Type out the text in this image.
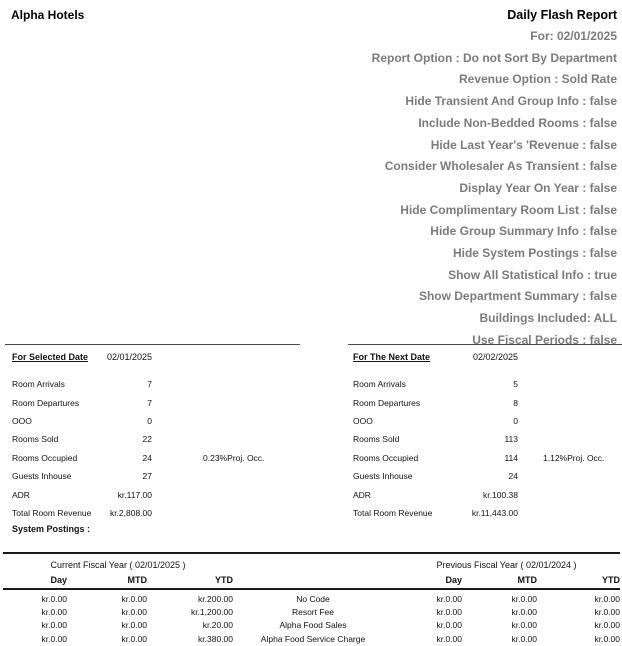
Alpha Hotels	Daily Flash Report
For: 02/01/2025
Report Option : Do not Sort By Department
Revenue Option : Sold Rate
Hide Transient And Group Info : false
Include Non-Bedded Rooms : false
Hide Last Year's 'Revenue : false
Consider Wholesaler As Transient : false
Display Year On Year : false
Hide Complimentary Room List : false
Hide Group Summary Info : false
Hide System Postings : false
Show All Statistical Info : true
Show Department Summary : false
Buildings Included: ALL
Use Fiscal Periods : false
For Selected Date 02/01/2025
Room Arrivals	7
Room Departures	7
OOO	0
Rooms Sold	22
Rooms Occupied	24	0.23%Proj. Occ.
Guests Inhouse	27
ADR	kr.117.00
Total Room Revenue	kr.2,808.00
For The Next Date	02/02/2025
Room Arrivals	5
Room Departures	8
OOO	0
Rooms Sold	113
Rooms Occupied	114	1.12%Proj. Occ.
Guests Inhouse	24
ADR	kr.100.38
Total Room Revenue	kr.11,443.00
System Postings :
Current Fiscal Year ( 02/01/2025 )	Previous Fiscal Year ( 02/01/2024 )
Day	MTD	YTD	Day	MTD	YTD
kr.0.00	kr.0.00	kr.200.00	No Code	kr.0.00	kr.0.00	kr.0.00
kr.0.00	kr.0.00	kr.1,200.00	Resort Fee	kr.0.00	kr.0.00	kr.0.00
kr.0.00	kr.0.00	kr.20.00	Alpha Food Sales	kr.0.00	kr.0.00	kr.0.00
kr.0.00	kr.0.00	kr.380.00	Alpha Food Service Charge	kr.0.00	kr.0.00	kr.0.00
